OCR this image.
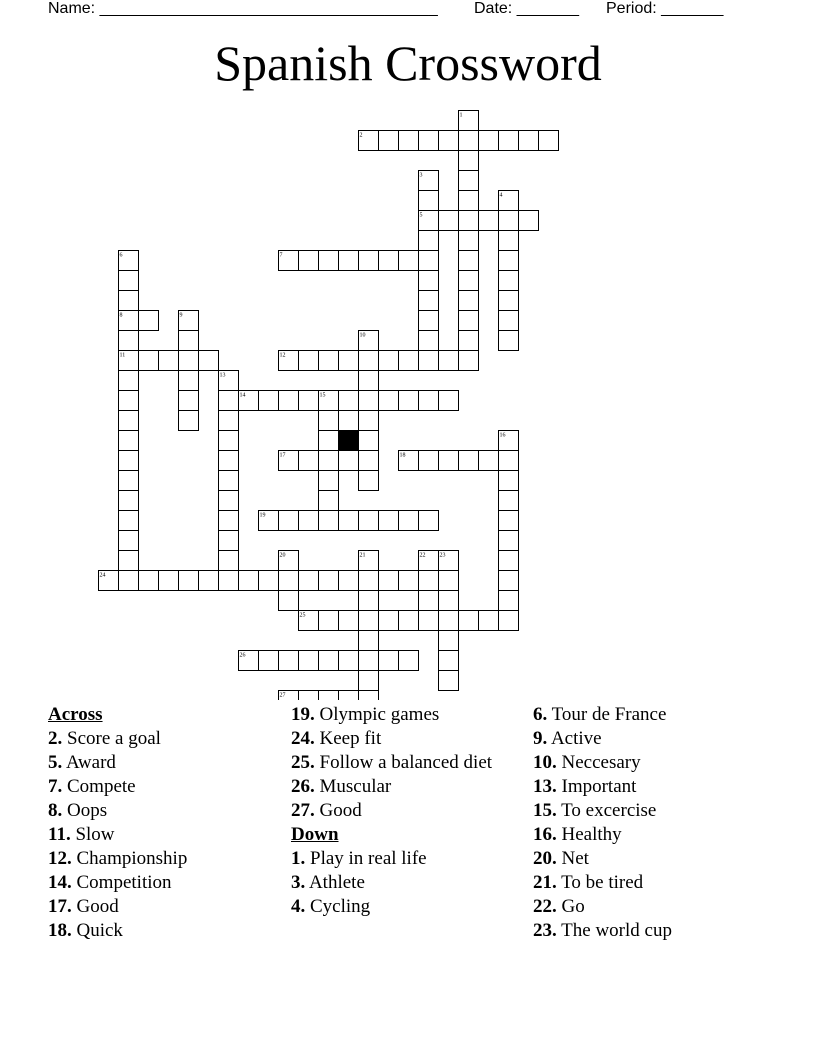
Name: ______________________________________ Date: _______ Period: _______
Spanish Crossword
1
2
3
4
5
6	7
8	9
10
11	12
13
14	15
16
17	18
19
20	21	22 23
24
25
26
27
Across
2. Score a goal
5. Award
7. Compete
8. Oops
11. Slow
12. Championship
14. Competition
17. Good
18. Quick
19. Olympic games
24. Keep fit
25. Follow a balanced diet
26. Muscular
27. Good
Down
1. Play in real life
3. Athlete
4. Cycling
6. Tour de France
9. Active
10. Neccesary
13. Important
15. To excercise
16. Healthy
20. Net
21. To be tired
22. Go
23. The world cup
